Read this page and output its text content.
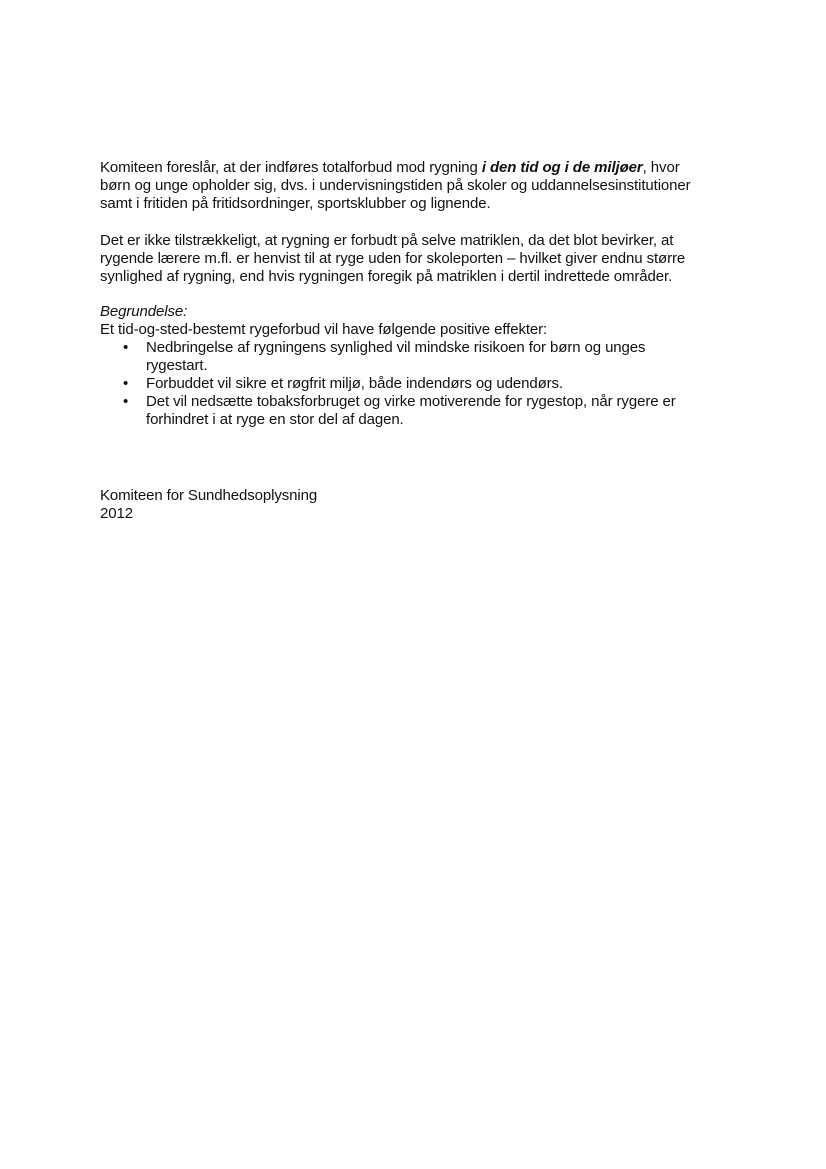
Komiteen foreslår, at der indføres totalforbud mod rygning i den tid og i de miljøer, hvor
børn og unge opholder sig, dvs. i undervisningstiden på skoler og uddannelsesinstitutioner
samt i fritiden på fritidsordninger, sportsklubber og lignende.
Det er ikke tilstrækkeligt, at rygning er forbudt på selve matriklen, da det blot bevirker, at
rygende lærere m.fl. er henvist til at ryge uden for skoleporten – hvilket giver endnu større
synlighed af rygning, end hvis rygningen foregik på matriklen i dertil indrettede områder.
Begrundelse:
Et tid-og-sted-bestemt rygeforbud vil have følgende positive effekter:
• Nedbringelse af rygningens synlighed vil mindske risikoen for børn og unges
rygestart.
• Forbuddet vil sikre et røgfrit miljø, både indendørs og udendørs.
• Det vil nedsætte tobaksforbruget og virke motiverende for rygestop, når rygere er
forhindret i at ryge en stor del af dagen.
Komiteen for Sundhedsoplysning
2012
